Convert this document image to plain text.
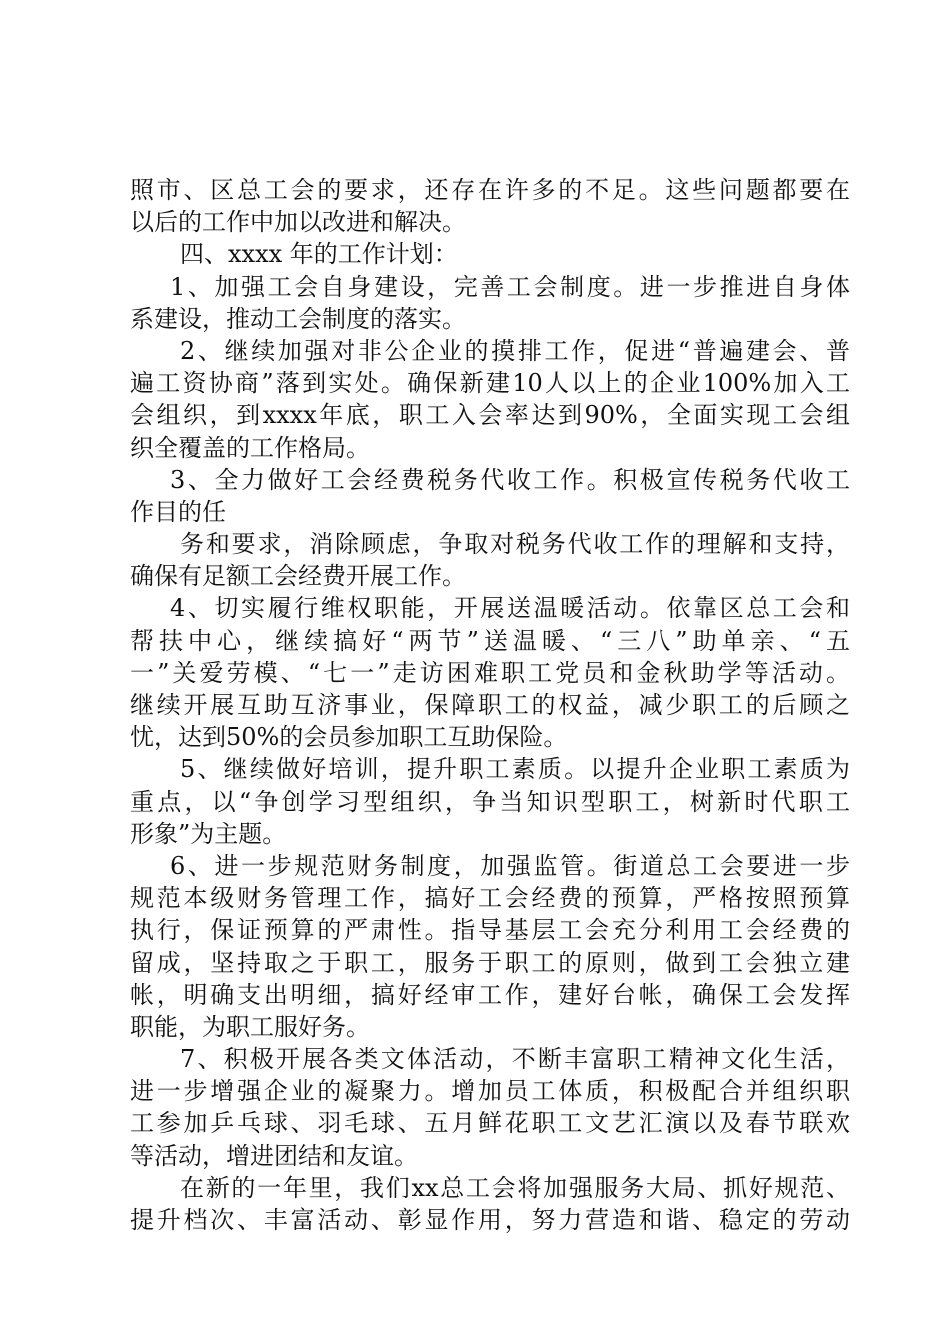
照市、区总工会的要求，还存在许多的不足。这些问题都要在
以后的工作中加以改进和解决。
四、xxxx 年的工作计划：
1、加强工会自身建设，完善工会制度。进一步推进自身体
系建设，推动工会制度的落实。
2、继续加强对非公企业的摸排工作，促进“普遍建会、普
遍工资协商”落到实处。确保新建10人以上的企业100%加入工
会组织，到xxxx年底，职工入会率达到90%，全面实现工会组
织全覆盖的工作格局。
3、全力做好工会经费税务代收工作。积极宣传税务代收工
作目的任
务和要求，消除顾虑，争取对税务代收工作的理解和支持，
确保有足额工会经费开展工作。
4、切实履行维权职能，开展送温暖活动。依靠区总工会和
帮扶中心，继续搞好“两节”送温暖、“三八”助单亲、“五
一”关爱劳模、“七一”走访困难职工党员和金秋助学等活动。
继续开展互助互济事业，保障职工的权益，减少职工的后顾之
忧，达到50%的会员参加职工互助保险。
5、继续做好培训，提升职工素质。以提升企业职工素质为
重点，以“争创学习型组织，争当知识型职工，树新时代职工
形象”为主题。
6、进一步规范财务制度，加强监管。街道总工会要进一步
规范本级财务管理工作，搞好工会经费的预算，严格按照预算
执行，保证预算的严肃性。指导基层工会充分利用工会经费的
留成，坚持取之于职工，服务于职工的原则，做到工会独立建
帐，明确支出明细，搞好经审工作，建好台帐，确保工会发挥
职能，为职工服好务。
7、积极开展各类文体活动，不断丰富职工精神文化生活，
进一步增强企业的凝聚力。增加员工体质，积极配合并组织职
工参加乒乓球、羽毛球、五月鲜花职工文艺汇演以及春节联欢
等活动，增进团结和友谊。
在新的一年里，我们xx总工会将加强服务大局、抓好规范、
提升档次、丰富活动、彰显作用，努力营造和谐、稳定的劳动
